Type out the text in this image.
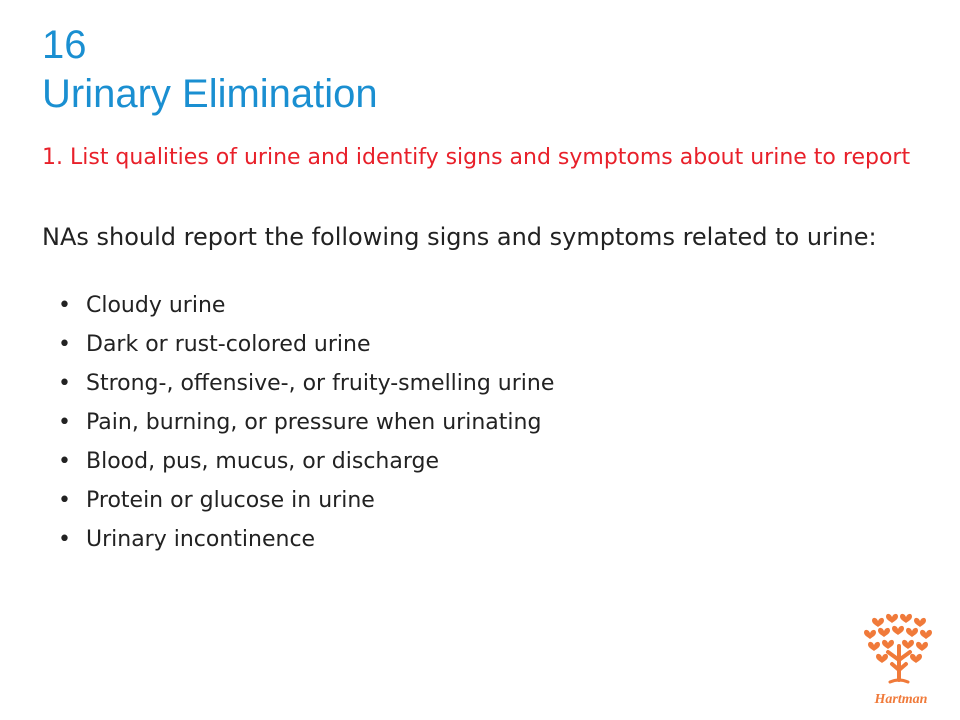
16
Urinary Elimination
1. List qualities of urine and identify signs and symptoms about urine to report
NAs should report the following signs and symptoms related to urine:
• Cloudy urine
• Dark or rust-colored urine
• Strong-, offensive-, or fruity-smelling urine
• Pain, burning, or pressure when urinating
• Blood, pus, mucus, or discharge
• Protein or glucose in urine
• Urinary incontinence
Hartman
